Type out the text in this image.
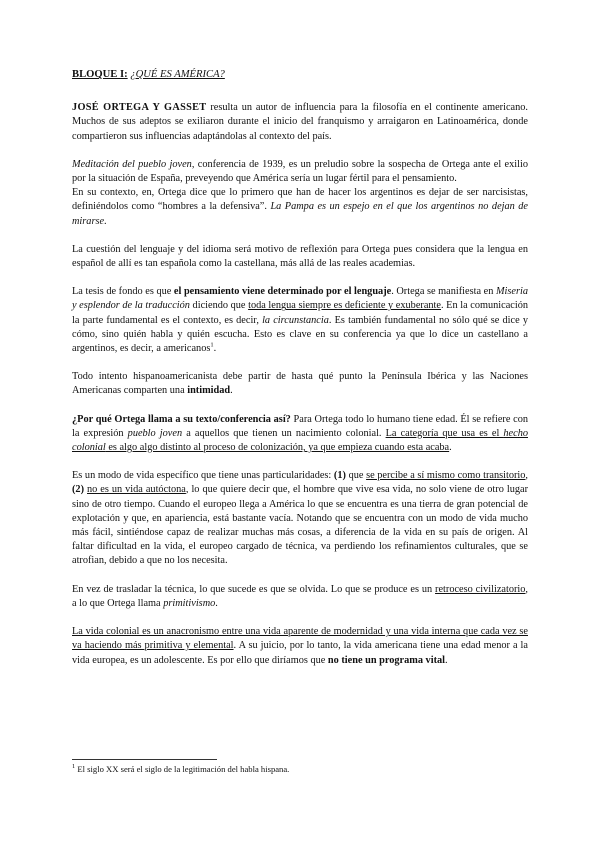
BLOQUE I: ¿QUÉ ES AMÉRICA?

JOSÉ ORTEGA Y GASSET resulta un autor de influencia para la filosofía en el continente americano. Muchos de sus adeptos se exiliaron durante el inicio del franquismo y arraigaron en Latinoamérica, donde compartieron sus influencias adaptándolas al contexto del país.

Meditación del pueblo joven, conferencia de 1939, es un preludio sobre la sospecha de Ortega ante el exilio por la situación de España, preveyendo que América sería un lugar fértil para el pensamiento.

En su contexto, en, Ortega dice que lo primero que han de hacer los argentinos es dejar de ser narcisistas, definiéndolos como “hombres a la defensiva”. La Pampa es un espejo en el que los argentinos no dejan de mirarse.

La cuestión del lenguaje y del idioma será motivo de reflexión para Ortega pues considera que la lengua en español de allí es tan española como la castellana, más allá de las reales academias.

La tesis de fondo es que el pensamiento viene determinado por el lenguaje. Ortega se manifiesta en Miseria y esplendor de la traducción diciendo que toda lengua siempre es deficiente y exuberante. En la comunicación la parte fundamental es el contexto, es decir, la circunstancia. Es también fundamental no sólo qué se dice y cómo, sino quién habla y quién escucha. Esto es clave en su conferencia ya que lo dice un castellano a argentinos, es decir, a americanos$^1$.

Todo intento hispanoamericanista debe partir de hasta qué punto la Península Ibérica y las Naciones Americanas comparten una intimidad.

¿Por qué Ortega llama a su texto/conferencia así? Para Ortega todo lo humano tiene edad. Él se refiere con la expresión pueblo joven a aquellos que tienen un nacimiento colonial. La categoría que usa es el hecho colonial es algo algo distinto al proceso de colonización, ya que empieza cuando esta acaba.

Es un modo de vida específico que tiene unas particularidades: (1) que se percibe a sí mismo como transitorio, (2) no es un vida autóctona, lo que quiere decir que, el hombre que vive esa vida, no solo viene de otro lugar sino de otro tiempo. Cuando el europeo llega a América lo que se encuentra es una tierra de gran potencial de explotación y que, en apariencia, está bastante vacía. Notando que se encuentra con un modo de vida mucho más fácil, sintiéndose capaz de realizar muchas más cosas, a diferencia de la vida en su país de origen. Al faltar dificultad en la vida, el europeo cargado de técnica, va perdiendo los refinamientos culturales, que se atrofian, debido a que no los necesita.

En vez de trasladar la técnica, lo que sucede es que se olvida. Lo que se produce es un retroceso civilizatorio, a lo que Ortega llama primitivismo.

La vida colonial es un anacronismo entre una vida aparente de modernidad y una vida interna que cada vez se va haciendo más primitiva y elemental. A su juicio, por lo tanto, la vida americana tiene una edad menor a la vida europea, es un adolescente. Es por ello que diríamos que no tiene un programa vital.

$^1$ El siglo XX será el siglo de la legitimación del habla hispana.
